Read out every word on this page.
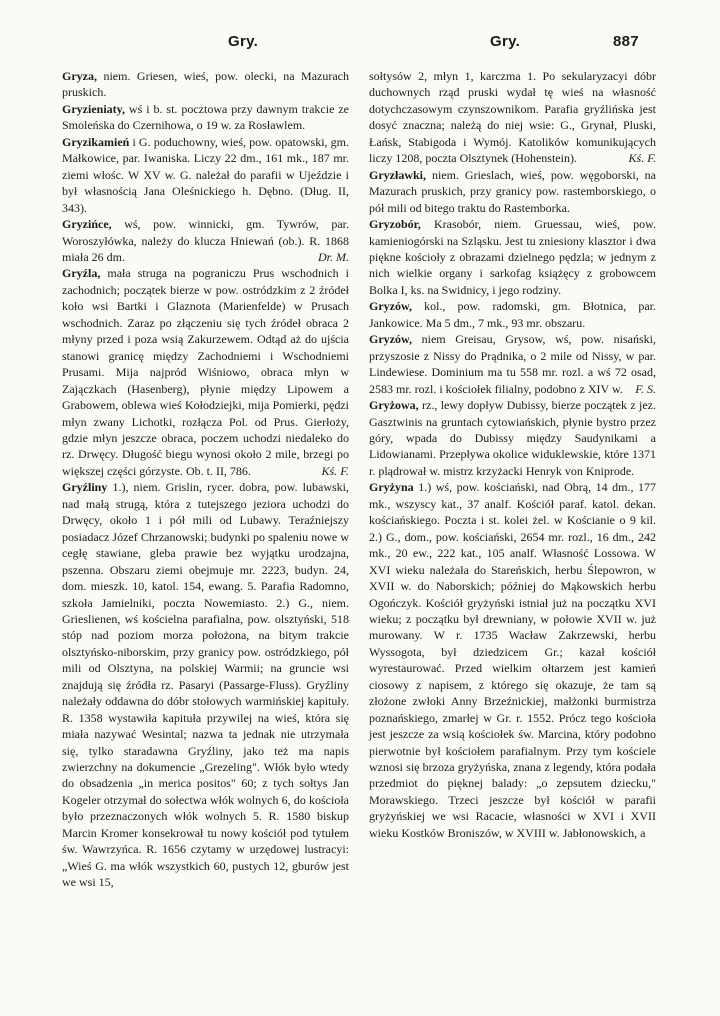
Gry.	Gry.	887

Gryza, niem. Griesen, wieś, pow. olecki, na Mazurach pruskich.

Gryzieniaty, wś i b. st. pocztowa przy dawnym trakcie ze Smoleńska do Czernihowa, o 19 w. za Rosławlem.

Gryzikamień i G. poduchowny, wieś, pow. opatowski, gm. Małkowice, par. Iwaniska. Liczy 22 dm., 161 mk., 187 mr. ziemi włośc. W XV w. G. należał do parafii w Ujeździe i był własnością Jana Oleśnickiego h. Dębno. (Dług. II, 343).

Gryzińce, wś, pow. winnicki, gm. Tywrów, par. Woroszyłówka, należy do klucza Hniewań (ob.). R. 1868 miała 26 dm.	Dr. M.

Gryźla, mała struga na pograniczu Prus wschodnich i zachodnich; początek bierze w pow. ostródzkim z 2 źródeł koło wsi Bartki i Glaznota (Marienfelde) w Prusach wschodnich. Zaraz po złączeniu się tych źródeł obraca 2 młyny przed i poza wsią Zakurzewem. Odtąd aż do ujścia stanowi granicę między Zachodniemi i Wschodniemi Prusami. Mija najpród Wiśniowo, obraca młyn w Zajączkach (Hasenberg), płynie między Lipowem a Grabowem, oblewa wieś Kołodziejki, mija Pomierki, pędzi młyn zwany Lichotki, rozłącza Pol. od Prus. Gierłoży, gdzie młyn jeszcze obraca, poczem uchodzi niedaleko do rz. Drwęcy. Długość biegu wynosi około 2 mile, brzegi po większej części górzyste. Ob. t. II, 786.	Kś. F.

Gryźliny 1.), niem. Grislin, rycer. dobra, pow. lubawski, nad małą strugą, która z tutejszego jeziora uchodzi do Drwęcy, około 1 i pół mili od Lubawy. Teraźniejszy posiadacz Józef Chrzanowski; budynki po spaleniu nowe w cegłę stawiane, gleba prawie bez wyjątku urodzajna, pszenna. Obszaru ziemi obejmuje mr. 2223, budyn. 24, dom. mieszk. 10, katol. 154, ewang. 5. Parafia Radomno, szkoła Jamielniki, poczta Nowemiasto. 2.) G., niem. Grieslienen, wś kościelna parafialna, pow. olsztyński, 518 stóp nad poziom morza położona, na bitym trakcie olsztyńsko-niborskim, przy granicy pow. ostródzkiego, pół mili od Olsztyna, na polskiej Warmii; na gruncie wsi znajdują się źródła rz. Pasaryi (Passarge-Fluss). Gryźliny należały oddawna do dóbr stołowych warmińskiej kapituły. R. 1358 wystawiła kapituła przywilej na wieś, która się miała nazywać Wesintal; nazwa ta jednak nie utrzymała się, tylko staradawna Gryźliny, jako też ma napis zwierzchny na dokumencie „Grezeling". Włók było wtedy do obsadzenia „in merica positos" 60; z tych sołtys Jan Kogeler otrzymał do sołectwa włók wolnych 6, do kościoła było przeznaczonych włók wolnych 5. R. 1580 biskup Marcin Kromer konsekrował tu nowy kościół pod tytułem św. Wawrzyńca. R. 1656 czytamy w urzędowej lustracyi: „Wieś G. ma włók wszystkich 60, pustych 12, gburów jest we wsi 15,

sołtysów 2, młyn 1, karczma 1. Po sekularyzacyi dóbr duchownych rząd pruski wydał tę wieś na własność dotychczasowym czynszownikom. Parafia gryźlińska jest dosyć znaczna; należą do niej wsie: G., Grynał, Pluski, Łańsk, Stabigoda i Wymój. Katolików komunikujących liczy 1208, poczta Olsztynek (Hohenstein).	Kś. F.

Gryzławki, niem. Grieslach, wieś, pow. węgoborski, na Mazurach pruskich, przy granicy pow. rastemborskiego, o pół mili od bitego traktu do Rastemborka.

Gryzobór, Krasobór, niem. Gruessau, wieś, pow. kamieniogórski na Szląsku. Jest tu zniesiony klasztor i dwa piękne kościoły z obrazami dzielnego pędzla; w jednym z nich wielkie organy i sarkofag książęcy z grobowcem Bolka I, ks. na Swidnicy, i jego rodziny.

Gryzów, kol., pow. radomski, gm. Błotnica, par. Jankowice. Ma 5 dm., 7 mk., 93 mr. obszaru.

Gryzów, niem Greisau, Grysow, wś, pow. nisański, przyszosie z Nissy do Prądnika, o 2 mile od Nissy, w par. Lindewiese. Dominium ma tu 558 mr. rozl. a wś 72 osad, 2583 mr. rozl. i kościołek filialny, podobno z XIV w. F. S.

Gryżowa, rz., lewy dopływ Dubissy, bierze początek z jez. Gasztwinis na gruntach cytowiańskich, płynie bystro przez góry, wpada do Dubissy między Saudynikami a Lidowianami. Przepływa okolice widuklewskie, które 1371 r. plądrował w. mistrz krzyżacki Henryk von Kniprode.

Gryżyna 1.) wś, pow. kościański, nad Obrą, 14 dm., 177 mk., wszyscy kat., 37 analf. Kościół paraf. katol. dekan. kościańskiego. Poczta i st. kolei żel. w Kościanie o 9 kil. 2.) G., dom., pow. kościański, 2654 mr. rozl., 16 dm., 242 mk., 20 ew., 222 kat., 105 analf. Własność Lossowa. W XVI wieku należała do Stareńskich, herbu Ślepowron, w XVII w. do Naborskich; później do Mąkowskich herbu Ogończyk. Kościół gryżyński istniał już na początku XVI wieku; z początku był drewniany, w połowie XVII w. już murowany. W r. 1735 Wacław Zakrzewski, herbu Wyssogota, był dziedzicem Gr.; kazał kościół wyrestaurować. Przed wielkim ołtarzem jest kamień ciosowy z napisem, z którego się okazuje, że tam są złożone zwłoki Anny Brzeźnickiej, małżonki burmistrza poznańskiego, zmarłej w Gr. r. 1552. Prócz tego kościoła jest jeszcze za wsią kościołek św. Marcina, który podobno pierwotnie był kościołem parafialnym. Przy tym kościele wznosi się brzoza gryżyńska, znana z legendy, która podała przedmiot do pięknej balady: „o zepsutem dziecku," Morawskiego. Trzeci jeszcze był kościół w parafii gryżyńskiej we wsi Racacie, własności w XVI i XVII wieku Kostków Broniszów, w XVIII w. Jabłonowskich, a
